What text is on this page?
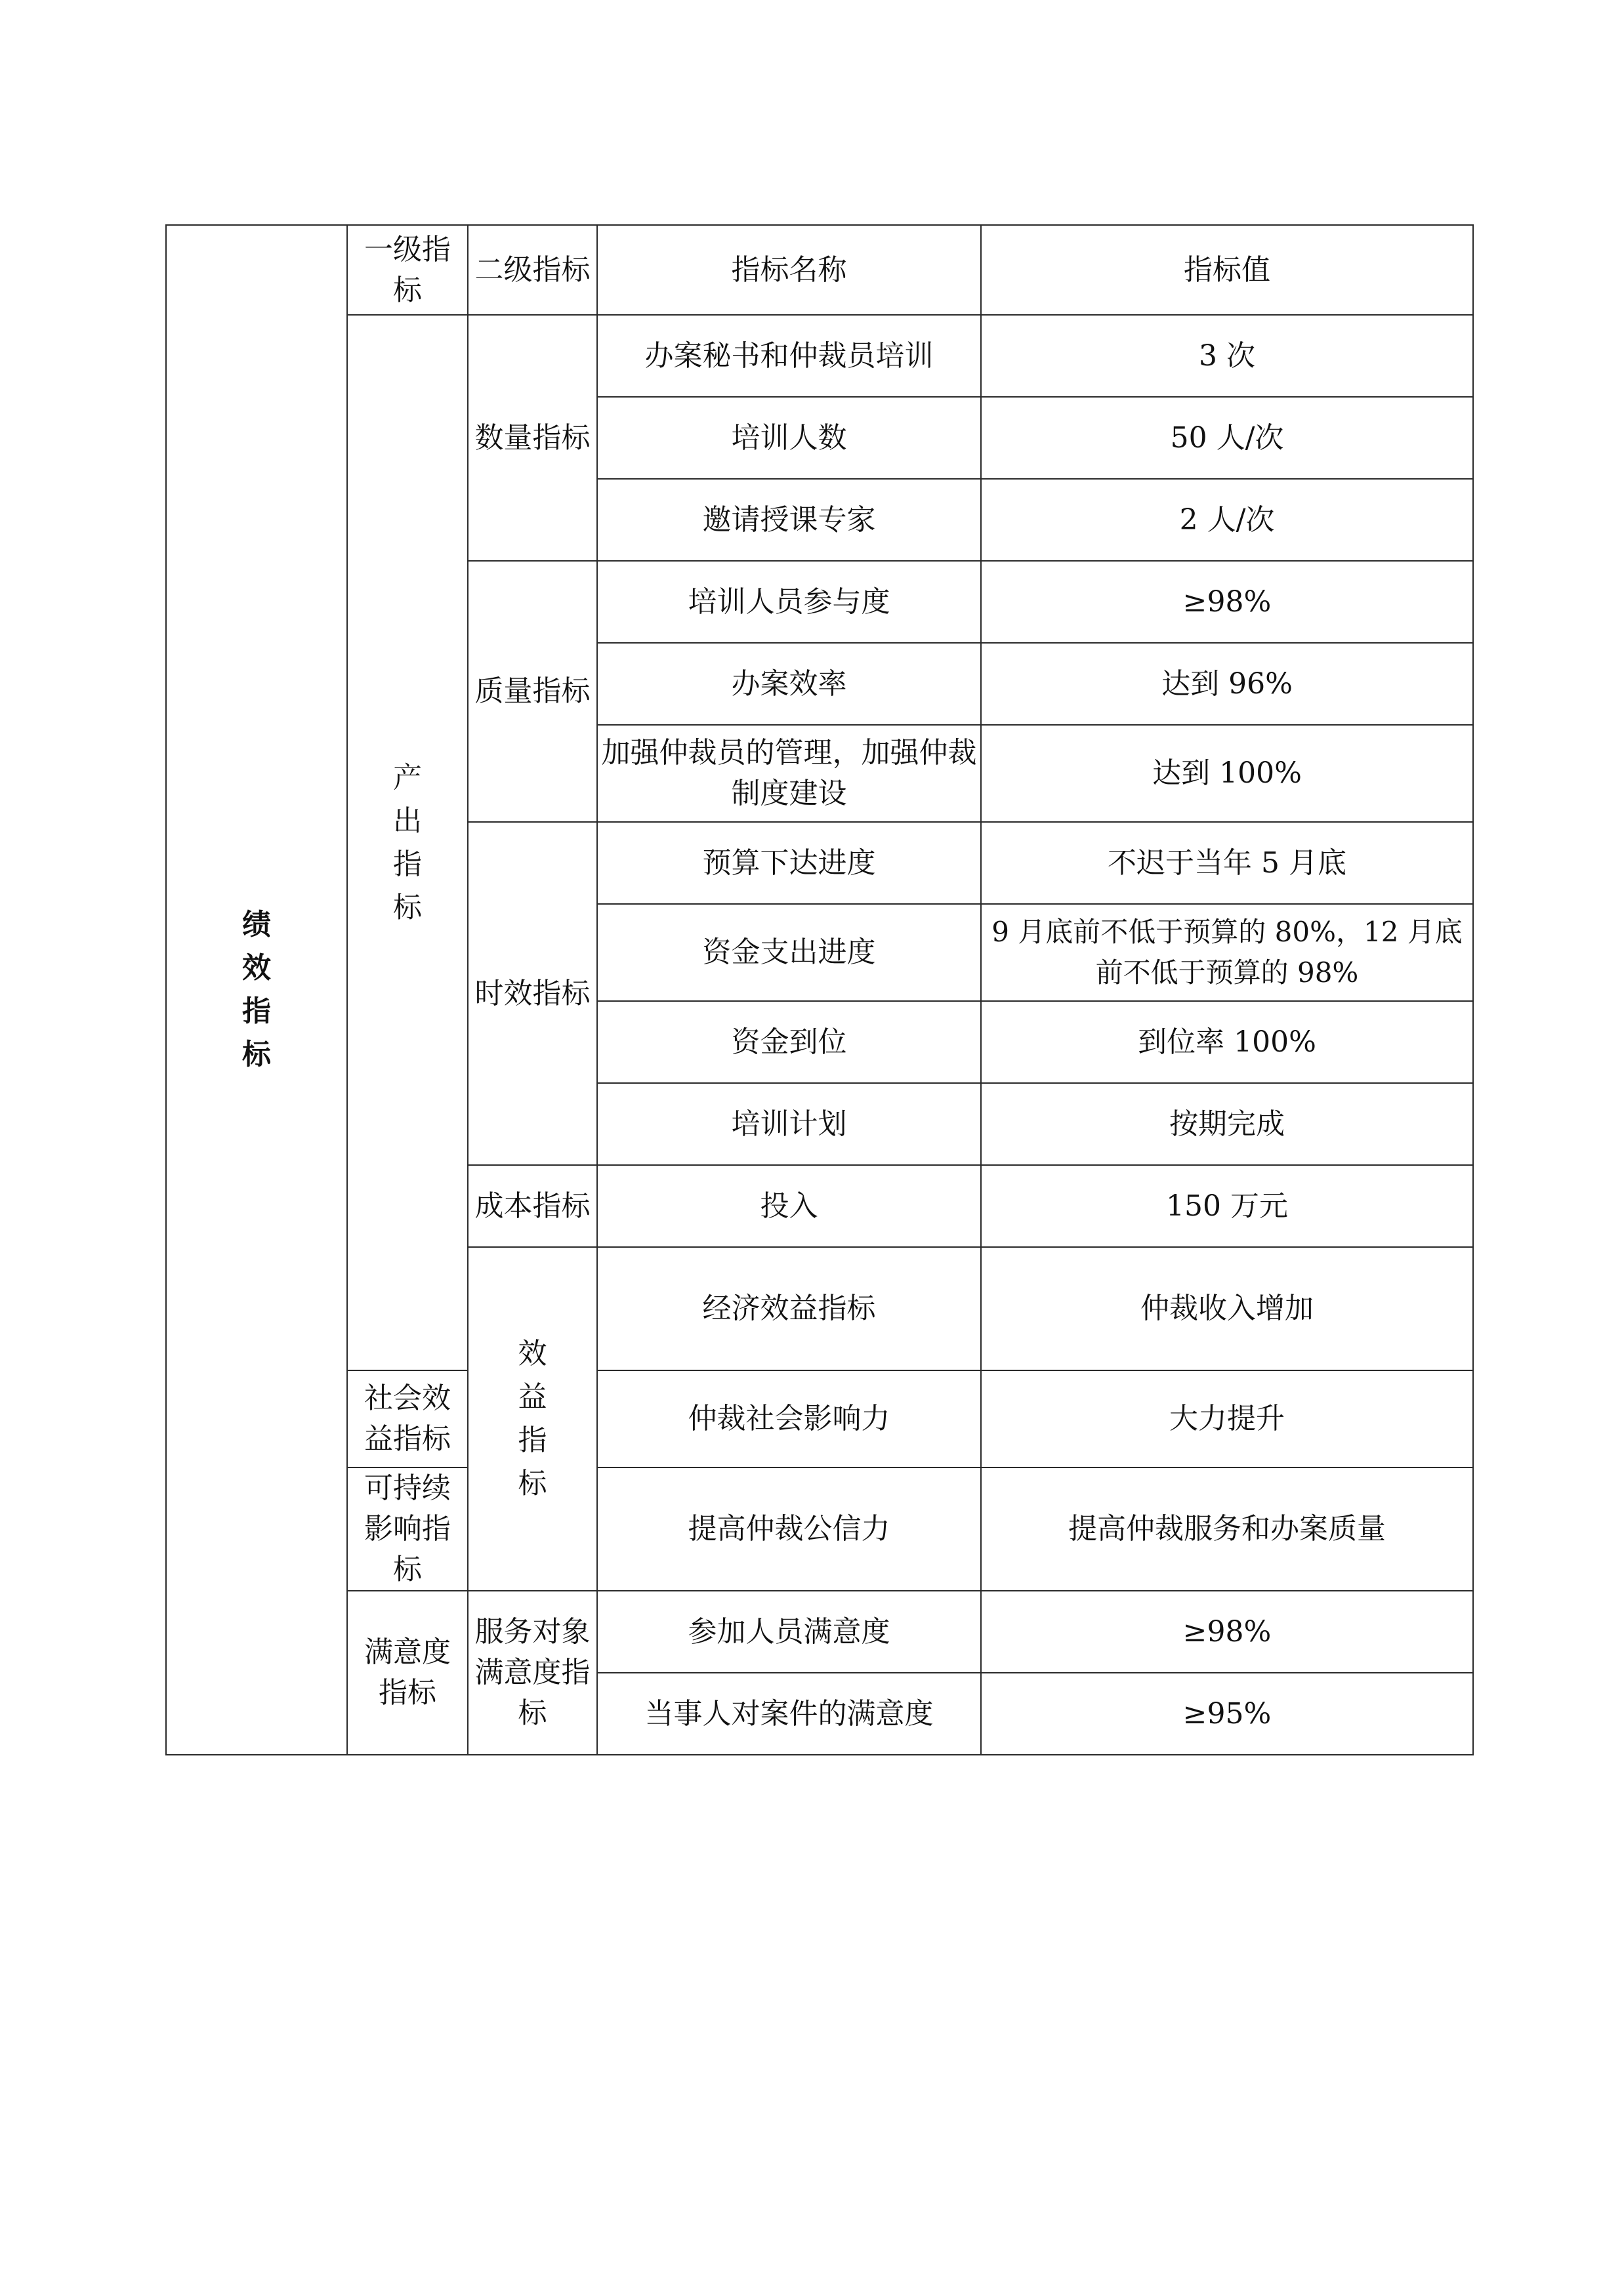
绩效指标	一级指标	二级指标	指标名称	指标值	
	产出指标	数量指标	办案秘书和仲裁员培训	3 次	
			培训人数	50 人/次	
			邀请授课专家	2 人/次	
		质量指标	培训人员参与度	≥98%	
			办案效率	达到 96%	
			加强仲裁员的管理，加强仲裁制度建设	达到 100%	
		时效指标	预算下达进度	不迟于当年 5 月底	
			资金支出进度	9 月底前不低于预算的 80%，12 月底前不低于预算的 98%	
			资金到位	到位率 100%	
			培训计划	按期完成	
		成本指标	投入	150 万元	
		效益指标	经济效益指标	仲裁收入增加	
	社会效益指标		仲裁社会影响力	大力提升	
	可持续影响指标		提高仲裁公信力	提高仲裁服务和办案质量	
	满意度指标	服务对象满意度指标	参加人员满意度	≥98%	
			当事人对案件的满意度	≥95%	
